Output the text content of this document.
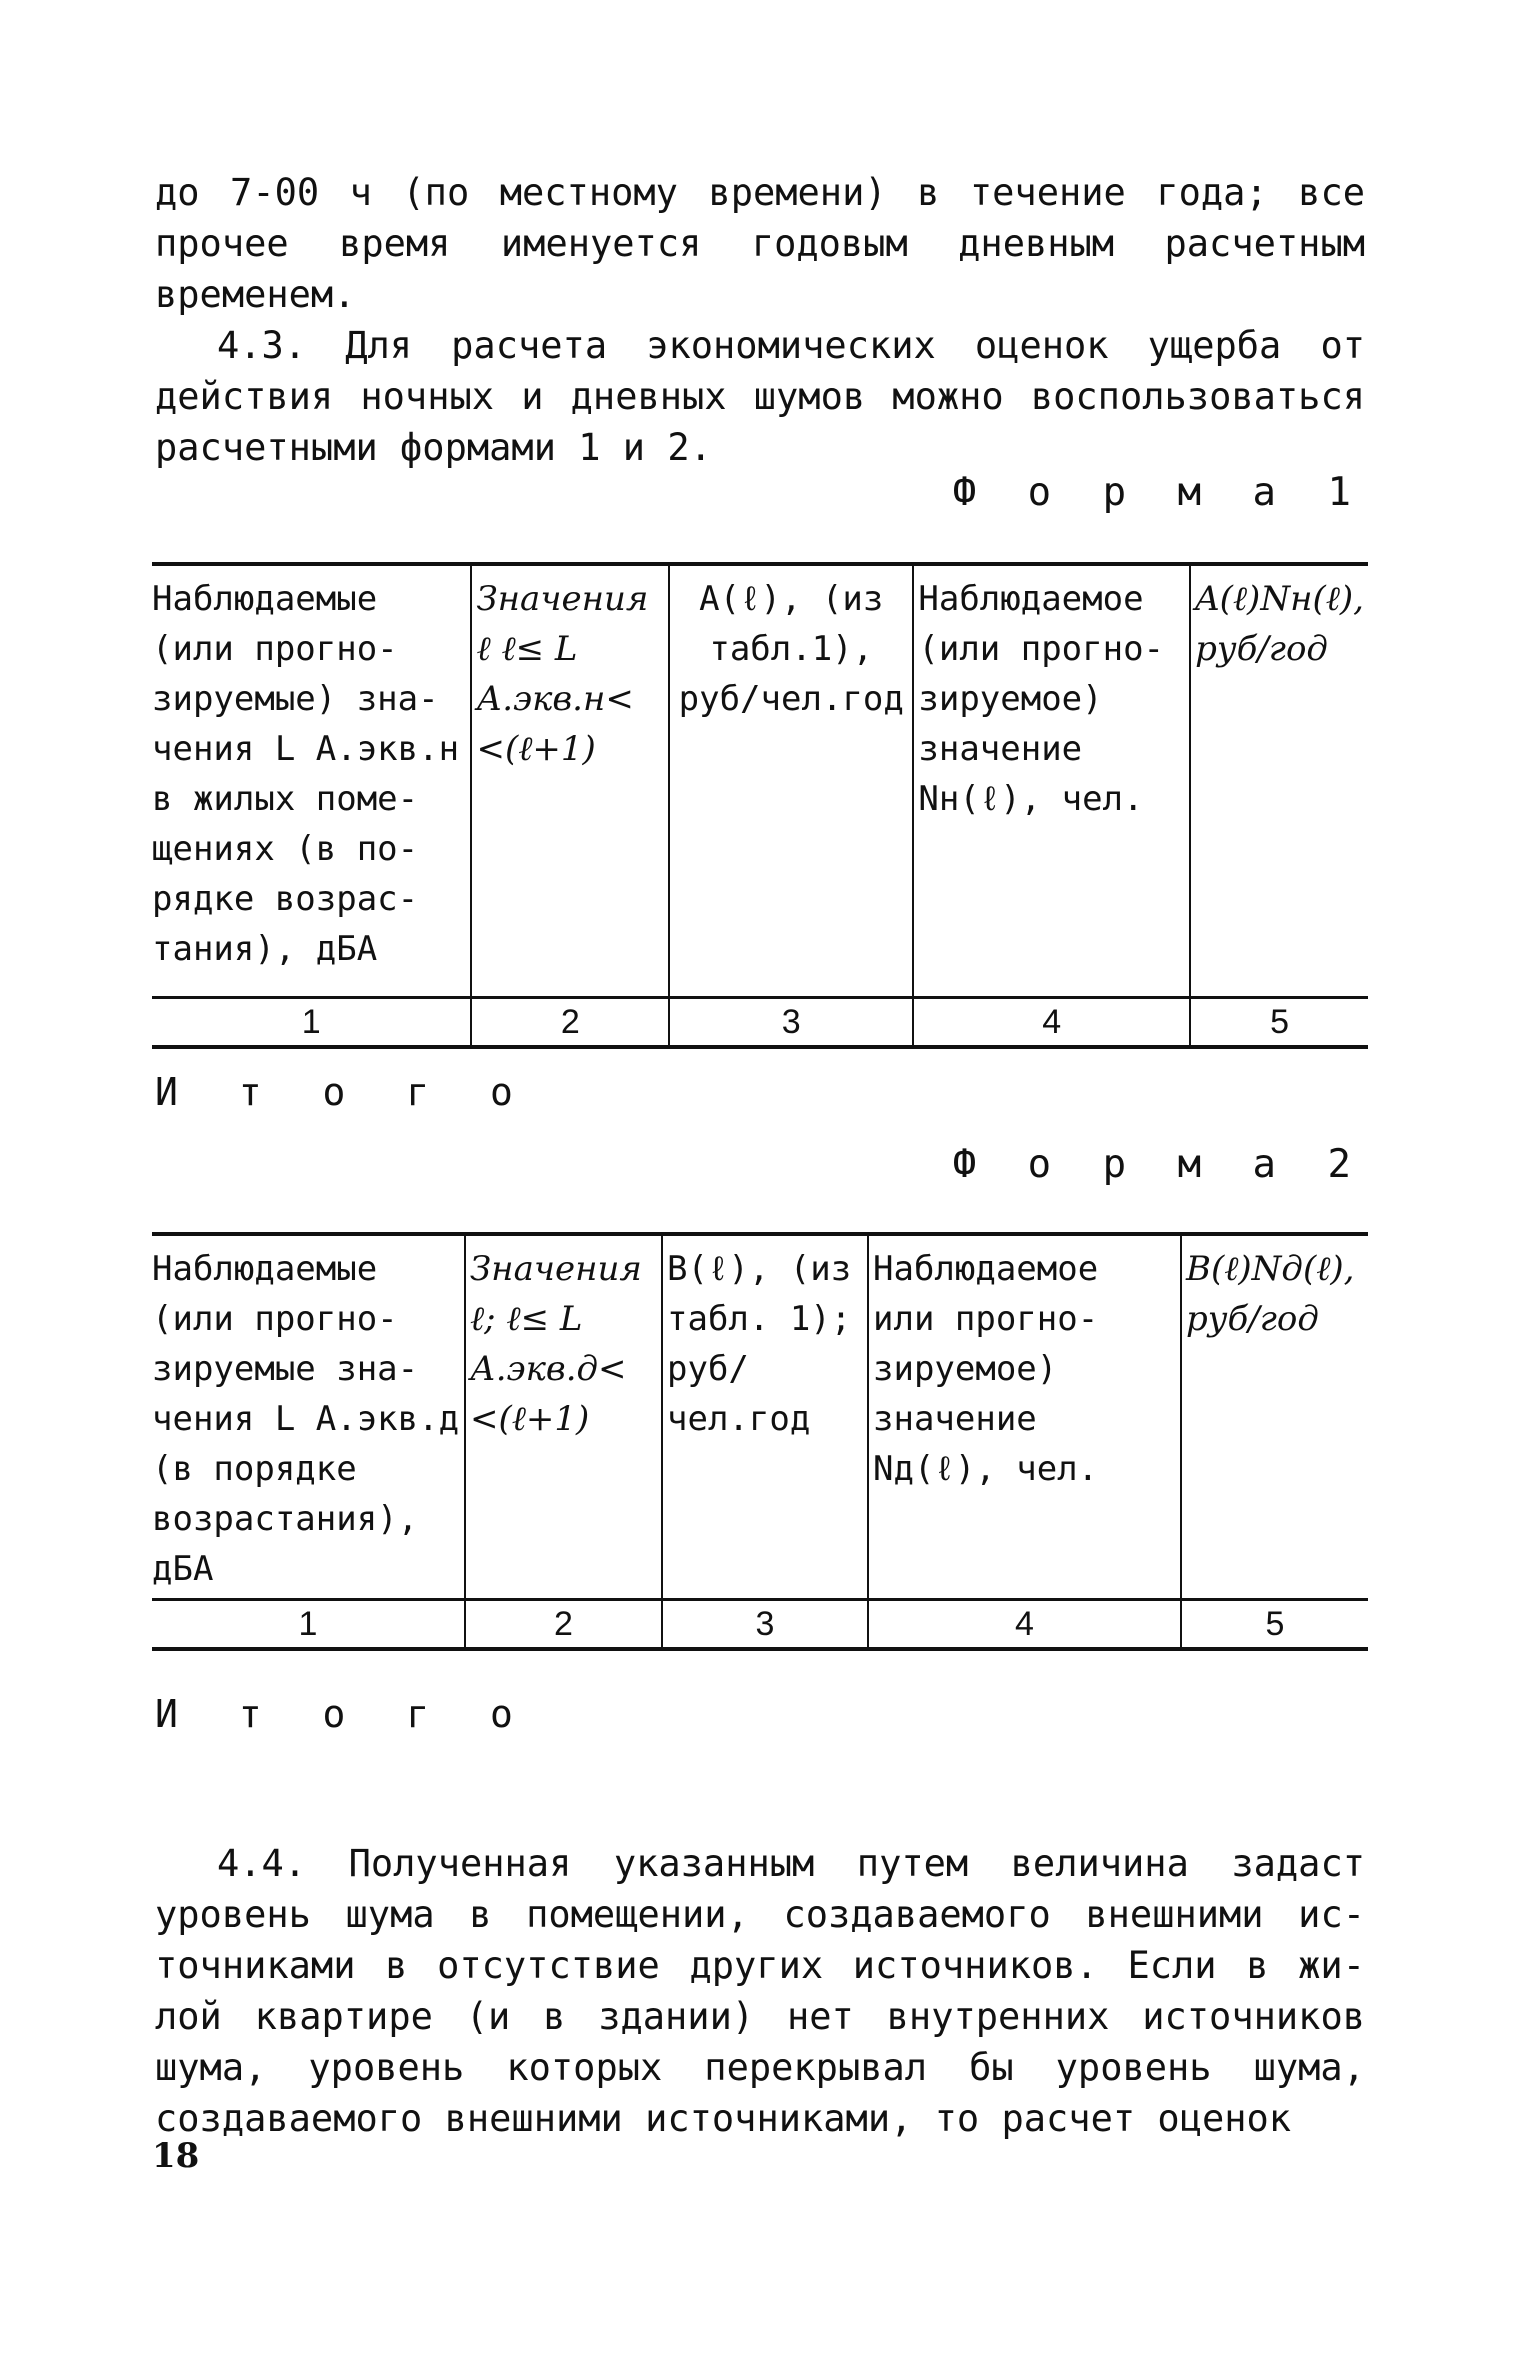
до 7-00 ч (по местному времени) в течение года; все прочее время именуется годовым дневным расчетным временем.

4.3. Для расчета экономических оценок ущерба от действия ночных и дневных шумов можно воспользоваться расчетными формами 1 и 2.

Ф о р м а 1
Наблюдаемые (или прогно-зируемые) зна-чения L А.экв.н в жилых поме-щениях (в по-рядке возрас-тания), дБА	Значения ℓ ℓ≤ L А.экв.н< <(ℓ+1)	A(ℓ), (из табл.1), руб/чел.год	Наблюдаемое (или прогно-зируемое) значение Nн(ℓ), чел.	A(ℓ)Nн(ℓ), руб/год
1	2	3	4	5
И т о г о
Ф о р м а 2
Наблюдаемые (или прогно-зируемые зна-чения L А.экв.д (в порядке возрастания), дБА	Значения ℓ; ℓ≤ L А.экв.д< <(ℓ+1)	B(ℓ), (из табл. 1); руб/ чел.год	Наблюдаемое или прогно-зируемое) значение Nд(ℓ), чел.	B(ℓ)Nд(ℓ), руб/год
1	2	3	4	5
И т о г о

4.4. Полученная указанным путем величина задаст уровень шума в помещении, создаваемого внешними ис-точниками в отсутствие других источников. Если в жи-лой квартире (и в здании) нет внутренних источников шума, уровень которых перекрывал бы уровень шума, создаваемого внешними источниками, то расчет оценок

18
